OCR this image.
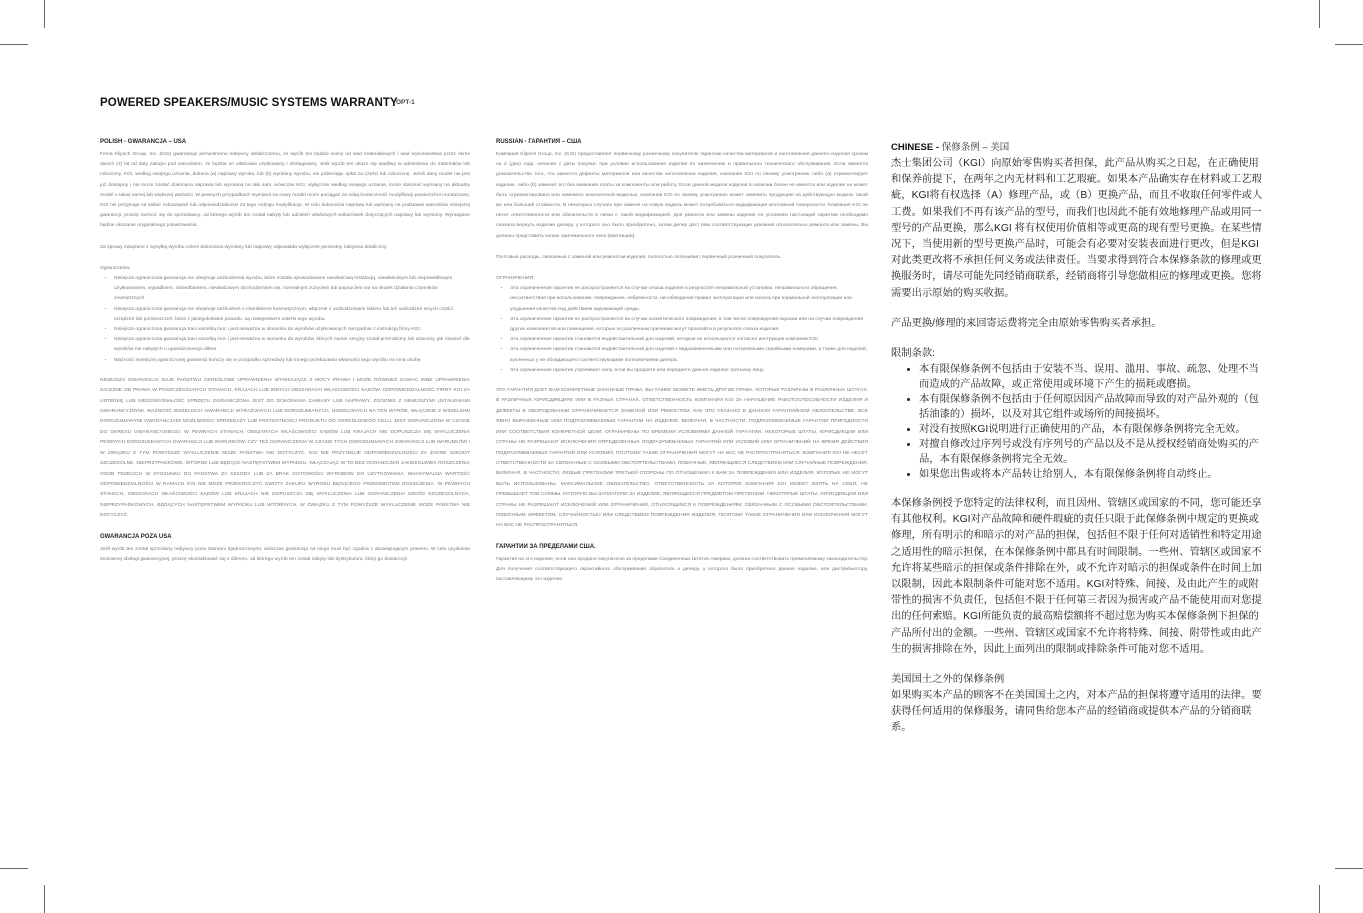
POWERED SPEAKERS/MUSIC SYSTEMS WARRANTY
OPT-1
POLISH - GWARANCJA – USA

Firma Klipsch Group, Inc. (KGI) gwarantuje pierwotnemu nabywcy detalicznemu, że wyrób ten będzie wolny od wad materiałowych i wad wykonawstwa przez okres dwóch (2) lat od daty zakupu pod warunkiem, że będzie on właściwie użytkowany i obsługiwany. Jeśli wyrób ten okaże się wadliwy w odniesieniu do materiałów lub robocizny, KGI, według swojego uznania, dokona (a) naprawy wyrobu, lub (b) wymiany wyrobu, nie pobierając opłat za części lub robociznę. Jeżeli dany model nie jest już dostępny i nie może zostać dokonana naprawa lub wymiana na taki sam, wówczas KGI, wyłącznie według swojego uznania, może dokonać wymiany na aktualny model o takiej samej lub większej wartości. W pewnych przypadkach wymiana na nowy model może pociągać za sobą konieczność modyfikacji powierzchni montażowej. KGI nie przyjmuje na siebie zobowiązań lub odpowiedzialności za tego rodzaju modyfikacje. W celu dokonania naprawy lub wymiany na podstawie warunków niniejszej gwarancji, proszę zwrócić się do sprzedawcy, od którego wyrób ten został nabyty lub udzieleń właściwych wskazówek dotyczących naprawy lub wymiany. Wymagane będzie okazanie oryginalnego pokwitowania.

Za sprawy związane z wysyłką wyrobu celem dokonania wymiany lub naprawy odpowiada wyłącznie pierwotny nabywca detaliczny.

Ograniczenia:
• Niniejsza ograniczona gwarancja nie obejmuje uszkodzenia wyrobu, które zostało spowodowane niewłaściwą instalacją, niewłaściwym lub nieprawidłowym użytkowaniem, wypadkiem, zaniedbaniem, niewłaściwym obchodzeniem się, normalnym zużyciem lub popsuciem się na skutek działania czynników zewnętrznych.
• Niniejsza ograniczona gwarancja nie obejmuje uszkodzeń o charakterze kosmetycznym, włącznie z uszkodzeniami lakieru lub też uszkodzeń innych części urządzeń lub pomieszczeń, które z jakiegokolwiek powodu, są następstwem usterki tego wyrobu.
• Niniejsza ograniczona gwarancja traci wszelką moc i jest nieważna w stosunku do wyrobów użytkowanych niezgodnie z instrukcją firmy KGI.
• Niniejsza ograniczona gwarancja traci wszelką moc i jest nieważna w stosunku do wyrobów, których numer seryjny został przerobiony lub utracony, jak również dla wyrobów nie nabytych u upoważnionego dilera.
• Ważność niniejszej ograniczonej gwarancji kończy się w przypadku sprzedaży lub innego przekazania własności tego wyrobu na inna osobę.

NINIEJSZA GWARANCJA DAJE PAŃSTWU OKREŚLONE UPRAWNIENIA WYNIKAJĄCE Z MOCY PRAWA I MOŻE RÓWNIEŻ DAWAĆ INNE UPRAWNIENIA ZALEŻNE OD PRAWA W POSZCZEGÓLNYCH STANACH, KRAJACH LUB INNYCH OBSZARACH WŁAŚCIWOŚCI SĄDÓW. ODPOWIEDZIALNOŚĆ FIRMY KGI ZA USTERKĘ LUB NIEDOSKONAŁOŚĆ SPRZĘTU OGRANICZONA JEST DO DOKONANIA ZAMIANY LUB NAPRAWY, ZGODNIE Z NINIEJSZYMI USTALENIAMI GWARANCYJNYMI. WAŻNOŚĆ WSZELKICH GWARANCJI WYRAŻONYCH LUB DOROZUMIANYCH, UDZIELONYCH NA TEN WYRÓB, WŁĄCZNIE Z WSZELKIMI DOROZUMIANYMI GWARANCJAMI MOŻLIWOŚCI SPRZEDAŻY LUB PRZYDATNOŚCI PRODUKTU DO OKREŚLONEGO CELU, JEST OGRANICZONA W CZASIE DO OKRESU GWARANCYJNEGO. W PEWNYCH STANACH, OBSZARACH WŁAŚCIWOŚCI SĄDÓW LUB KRAJACH NIE DOPUSZCZA SIĘ WYKLUCZENIA PEWNYCH DOROZUMIANYCH GWARANCJI LUB WARUNKÓW, CZY TEŻ OGRANICZENIA W CZASIE TYCH DOROZUMIANYCH GWARANCJI LUB WARUNKÓW I W ZWIĄZKU Z TYM POWYŻSZE WYKLUCZENIE MOŻE PAŃSTWA NIE DOTYCZYĆ. KGI NIE PRZYJMUJE ODPOWIEDZIALNOŚCI ZA ŻADNE SZKODY SZCZEGÓLNE, NIEPRZYPADKOWE, WTÓRNE LUB BĘDĄCE NASTĘPSTWEM WYPADKU, WŁĄCZAJĄC W TO BEZ OGRANICZEŃ JAKIEKOLWIEK ROSZCZENIA OSÓB TRZECICH W STOSUNKU DO PAŃSTWA ZA SZKODY LUB ZA BRAK GOTOWOŚCI WYROBÓW DO UŻYTKOWANIA. MAKSYMALNA WARTOŚĆ ODPOWIEDZIALNOŚCI W RAMACH KGI NIE MOŻE PRZEKROCZYĆ KWOTY ZAKUPU WYROBU BĘDĄCEGO PRZEDMIOTEM ROSZCZENIA. W PEWNYCH STANACH, OBSZARACH WŁAŚCIWOŚCI SĄDÓW LUB KRAJACH NIE DOPUSZCZA SIĘ WYKLUCZENIA LUB OGRANICZENIA SZKÓD SZCZEGÓLNYCH, NIEPRZYPADKOWYCH, BĘDĄCYCH NASTĘPSTWEM WYPADKU LUB WTÓRNYCH, W ZWIĄZKU Z TYM POWYŻSZE WYKLUCZENIE MOŻE PAŃSTWA NIE DOTYCZYĆ.

GWARANCJA POZA USA

Jeśli wyrób ten został sprzedany nabywcy poza Stanami Zjednoczonymi, wówczas gwarancja na niego musi być zgodna z obowiązującym prawem. W celu uzyskania stosownej obsługi gwarancyjnej, proszę skontaktować się z dilerem, od którego wyrób ten został nabyty lub dystrybutora, który go dostarczył.

RUSSIAN - ГАРАНТИЯ – США

Компания Klipsch Group, Inc. (KGI) предоставляет первичному розничному покупателю гарантию качества материалов и изготовления данного изделия сроком на 2 (два) года, начиная с даты покупки, при условии использования изделия по назначению и правильного технического обслуживания. Если имеются доказательства того, что имеются дефекты материалов или качества изготовления изделия, компания KGI по своему усмотрению либо (а) отремонтирует изделие, либо (б) заменит его без взимания платы за компоненты или работу. Если данной модели изделия в наличии более не имеется или изделие не может быть отремонтировано или заменено аналогичной моделью, компания KGI по своему усмотрению может заменить продукцию на действующую модель такой же или большей стоимости. В некоторых случаях при замене на новую модель может потребоваться модификация монтажной поверхности. Компания KGI не несет ответственности или обязательств в связи с такой модификацией. Для ремонта или замены изделия по условиям настоящей гарантии необходимо сначала вернуть изделие дилеру, у которого оно было приобретено, затем дилер даст вам соответствующие указания относительно ремонта или замены. Вы должны представить копию оригинального чека (квитанции).

Почтовые расходы, связанные с заменой или ремонтом изделия, полностью оплачивает первичный розничный покупатель.

ОГРАНИЧЕНИЯ:
• Эта ограниченная гарантия не распространяется на случаи отказа изделия в результате неправильной установки, неправильного обращения, несоответствия при использовании, повреждения, небрежности, несоблюдения правил эксплуатации или износа при нормальной эксплуатации или ухудшения качества под действием окружающей среды.
• Эта ограниченная гарантия не распространяется на случаи косметического повреждения, в том числе повреждения окраски или на случаи повреждения других компонентов или помещения, которые по различным причинам могут произойти в результате отказа изделия.
• Эта ограниченная гарантия становится недействительной для изделий, которые не используются согласно инструкции компании KGI
• Эта ограниченная гарантия становится недействительной для изделий с видоизмененными или потерянными серийными номерами, а также для изделий, купленных у не обладающего соответствующими полномочиями дилера.
• Эта ограниченная гарантия утрачивает силу, если вы продаете или передаете данное изделие третьему лицу.

ЭТА ГАРАНТИЯ ДАЕТ ВАМ КОНКРЕТНЫЕ ЗАКОННЫЕ ПРАВА, ВЫ ТАКЖЕ МОЖЕТЕ ИМЕТЬ ДРУГИЕ ПРАВА, КОТОРЫЕ РАЗЛИЧНЫ В РАЗЛИЧНЫХ ШТАТАХ, В РАЗЛИЧНЫХ ЮРИСДИКЦИЯХ ИЛИ В РАЗНЫХ СТРАНАХ. ОТВЕТСТВЕННОСТЬ КОМПАНИИ KGI ЗА НАРУШЕНИЕ РАБОТОСПОСОБНОСТИ ИЗДЕЛИЯ И ДЕФЕКТЫ В ОБОРУДОВАНИИ ОГРАНИЧИВАЕТСЯ ЗАМЕНОЙ ИЛИ РЕМОНТОМ, КАК ЭТО УКАЗАНО В ДАННОМ ГАРАНТИЙНОМ ОБЯЗАТЕЛЬСТВЕ. ВСЕ ЯВНО ВЫРАЖЕННЫЕ ИЛИ ПОДРАЗУМЕВАЕМЫЕ ГАРАНТИИ НА ИЗДЕЛИЕ, ВКЛЮЧАЯ, В ЧАСТНОСТИ, ПОДРАЗУМЕВАЕМЫЕ ГАРАНТИИ ПРИГОДНОСТИ ИЛИ СООТВЕТСТВИЯ КОНКРЕТНОЙ ЦЕЛИ, ОГРАНИЧЕНЫ ПО ВРЕМЕНИ УСЛОВИЯМИ ДАННОЙ ГАРАНТИИ. НЕКОТОРЫЕ ШТАТЫ, ЮРИСДИКЦИИ ИЛИ СТРАНЫ НЕ РАЗРЕШАЮТ ИСКЛЮЧЕНИЯ ОПРЕДЕЛЕННЫХ ПОДРАЗУМЕВАЕМЫХ ГАРАНТИЙ ИЛИ УСЛОВИЙ ИЛИ ОГРАНИЧЕНИЙ НА ВРЕМЯ ДЕЙСТВИЯ ПОДРАЗУМЕВАЕМЫХ ГАРАНТИЙ ИЛИ УСЛОВИЙ, ПОЭТОМУ ТАКИЕ ОГРАНИЧЕНИЯ МОГУТ НА ВАС НЕ РАСПРОСТРАНЯТЬСЯ. КОМПАНИЯ KGI НЕ НЕСЕТ ОТВЕТСТВЕННОСТИ ЗА СВЯЗАННЫЕ С ОСОБЫМИ ОБСТОЯТЕЛЬСТВАМИ, ПОБОЧНЫЕ, ЯВЛЯЮЩИЕСЯ СЛЕДСТВИЕМ ИЛИ СЛУЧАЙНЫЕ ПОВРЕЖДЕНИЯ, ВКЛЮЧАЯ, В ЧАСТНОСТИ, ЛЮБЫЕ ПРЕТЕНЗИИ ТРЕТЬЕЙ СТОРОНЫ ПО ОТНОШЕНИЮ К ВАМ ЗА ПОВРЕЖДЕНИЯ ИЛИ ИЗДЕЛИЯ, КОТОРЫЕ НЕ МОГУТ БЫТЬ ИСПОЛЬЗОВАНЫ. МАКСИМАЛЬНОЕ ОБЯЗАТЕЛЬСТВО, ОТВЕТСТВЕННОСТЬ ЗА КОТОРОЕ КОМПАНИЯ KGI МОЖЕТ ВЗЯТЬ НА СЕБЯ, НЕ ПРЕВЫШАЕТ ТОЙ СУММЫ, КОТОРУЮ ВЫ ЗАПЛАТИЛИ ЗА ИЗДЕЛИЕ, ЯВЛЯЮЩЕЕСЯ ПРЕДМЕТОМ ПРЕТЕНЗИИ. НЕКОТОРЫЕ ШТАТЫ, ЮРИСДИКЦИИ ИЛИ СТРАНЫ НЕ РАЗРЕШАЮТ ИСКЛЮЧЕНИЙ ИЛИ ОГРАНИЧЕНИЙ, ОТНОСЯЩИХСЯ К ПОВРЕЖДЕНИЯМ, СВЯЗАННЫМ С ОСОБЫМИ ОБСТОЯТЕЛЬСТВАМИ, ПОБОЧНЫМ ЭФФЕКТОМ, СЛУЧАЙНОСТЬЮ ИЛИ СЛЕДСТВИЕМ ПОВРЕЖДЕНИЯ ИЗДЕЛИЯ, ПОЭТОМУ ТАКИЕ ОГРАНИЧЕНИЯ ИЛИ ИСКЛЮЧЕНИЯ МОГУТ НА ВАС НЕ РАСПРОСТРАНЯТЬСЯ.

ГАРАНТИИ ЗА ПРЕДЕЛАМИ США.

Гарантия на это изделие, если оно продано покупателю за пределами Соединенных Штатов Америки, должна соответствовать применяемому законодательству. Для получения соответствующего гарантийного обслуживания обратитесь к дилеру, у которого было приобретено данное изделие, или дистрибьютору, поставляющему это изделие.

CHINESE - 保修条例 – 美国

杰士集团公司（KGI）向原始零售购买者担保，此产品从购买之日起，在正确使用和保养前提下，在两年之内无材料和工艺瑕疵。如果本产品确实存在材料或工艺瑕疵，KGI将有权选择（A）修理产品，或（B）更换产品，而且不收取任何零件或人工费。如果我们不再有该产品的型号，而我们也因此不能有效地修理产品或用同一型号的产品更换，那么KGI 将有权使用价值相等或更高的现有型号更换。在某些情况下，当使用新的型号更换产品时，可能会有必要对安装表面进行更改，但是KGI对此类更改将不承担任何义务或法律责任。当要求得到符合本保修条款的修理或更换服务时，请尽可能先同经销商联系，经销商将引导您做相应的修理或更换。您将需要出示原始的购买收据。

产品更换/修理的来回寄运费将完全由原始零售购买者承担。

限制条款:
• 本有限保修条例不包括由于安装不当、误用、滥用、事故、疏忽、处理不当而造成的产品故障，或正常使用或环境下产生的损耗或磨损。
• 本有限保修条例不包括由于任何原因因产品故障而导致的对产品外观的（包括油漆的）损坏，以及对其它组件或场所的间接损坏。
• 对没有按照KGI说明进行正确使用的产品，本有限保修条例将完全无效。
• 对擅自修改过序列号或没有序列号的产品以及不是从授权经销商处购买的产品，本有限保修条例将完全无效。
• 如果您出售或将本产品转让给别人，本有限保修条例将自动终止。

本保修条例授予您特定的法律权利，而且因州、管辖区或国家的不同，您可能还享有其他权利。KGI对产品故障和硬件瑕疵的责任只限于此保修条例中规定的更换或修理，所有明示的和暗示的对产品的担保，包括但不限于任何对适销性和特定用途之适用性的暗示担保，在本保修条例中都具有时间限制。一些州、管辖区或国家不允许将某些暗示的担保或条件排除在外，或不允许对暗示的担保或条件在时间上加以限制，因此本限制条件可能对您不适用。KGI对特殊、间接、及由此产生的或附带性的损害不负责任，包括但不限于任何第三者因为损害或产品不能使用而对您提出的任何索赔。KGI所能负责的最高赔偿额将不超过您为购买本保修条例下担保的产品所付出的金额。一些州、管辖区或国家不允许将特殊、间接、附带性或由此产生的损害排除在外，因此上面列出的限制或排除条件可能对您不适用。

美国国土之外的保修条例

如果购买本产品的顾客不在美国国土之内，对本产品的担保将遵守适用的法律。要获得任何适用的保修服务，请同售给您本产品的经销商或提供本产品的分销商联系。
